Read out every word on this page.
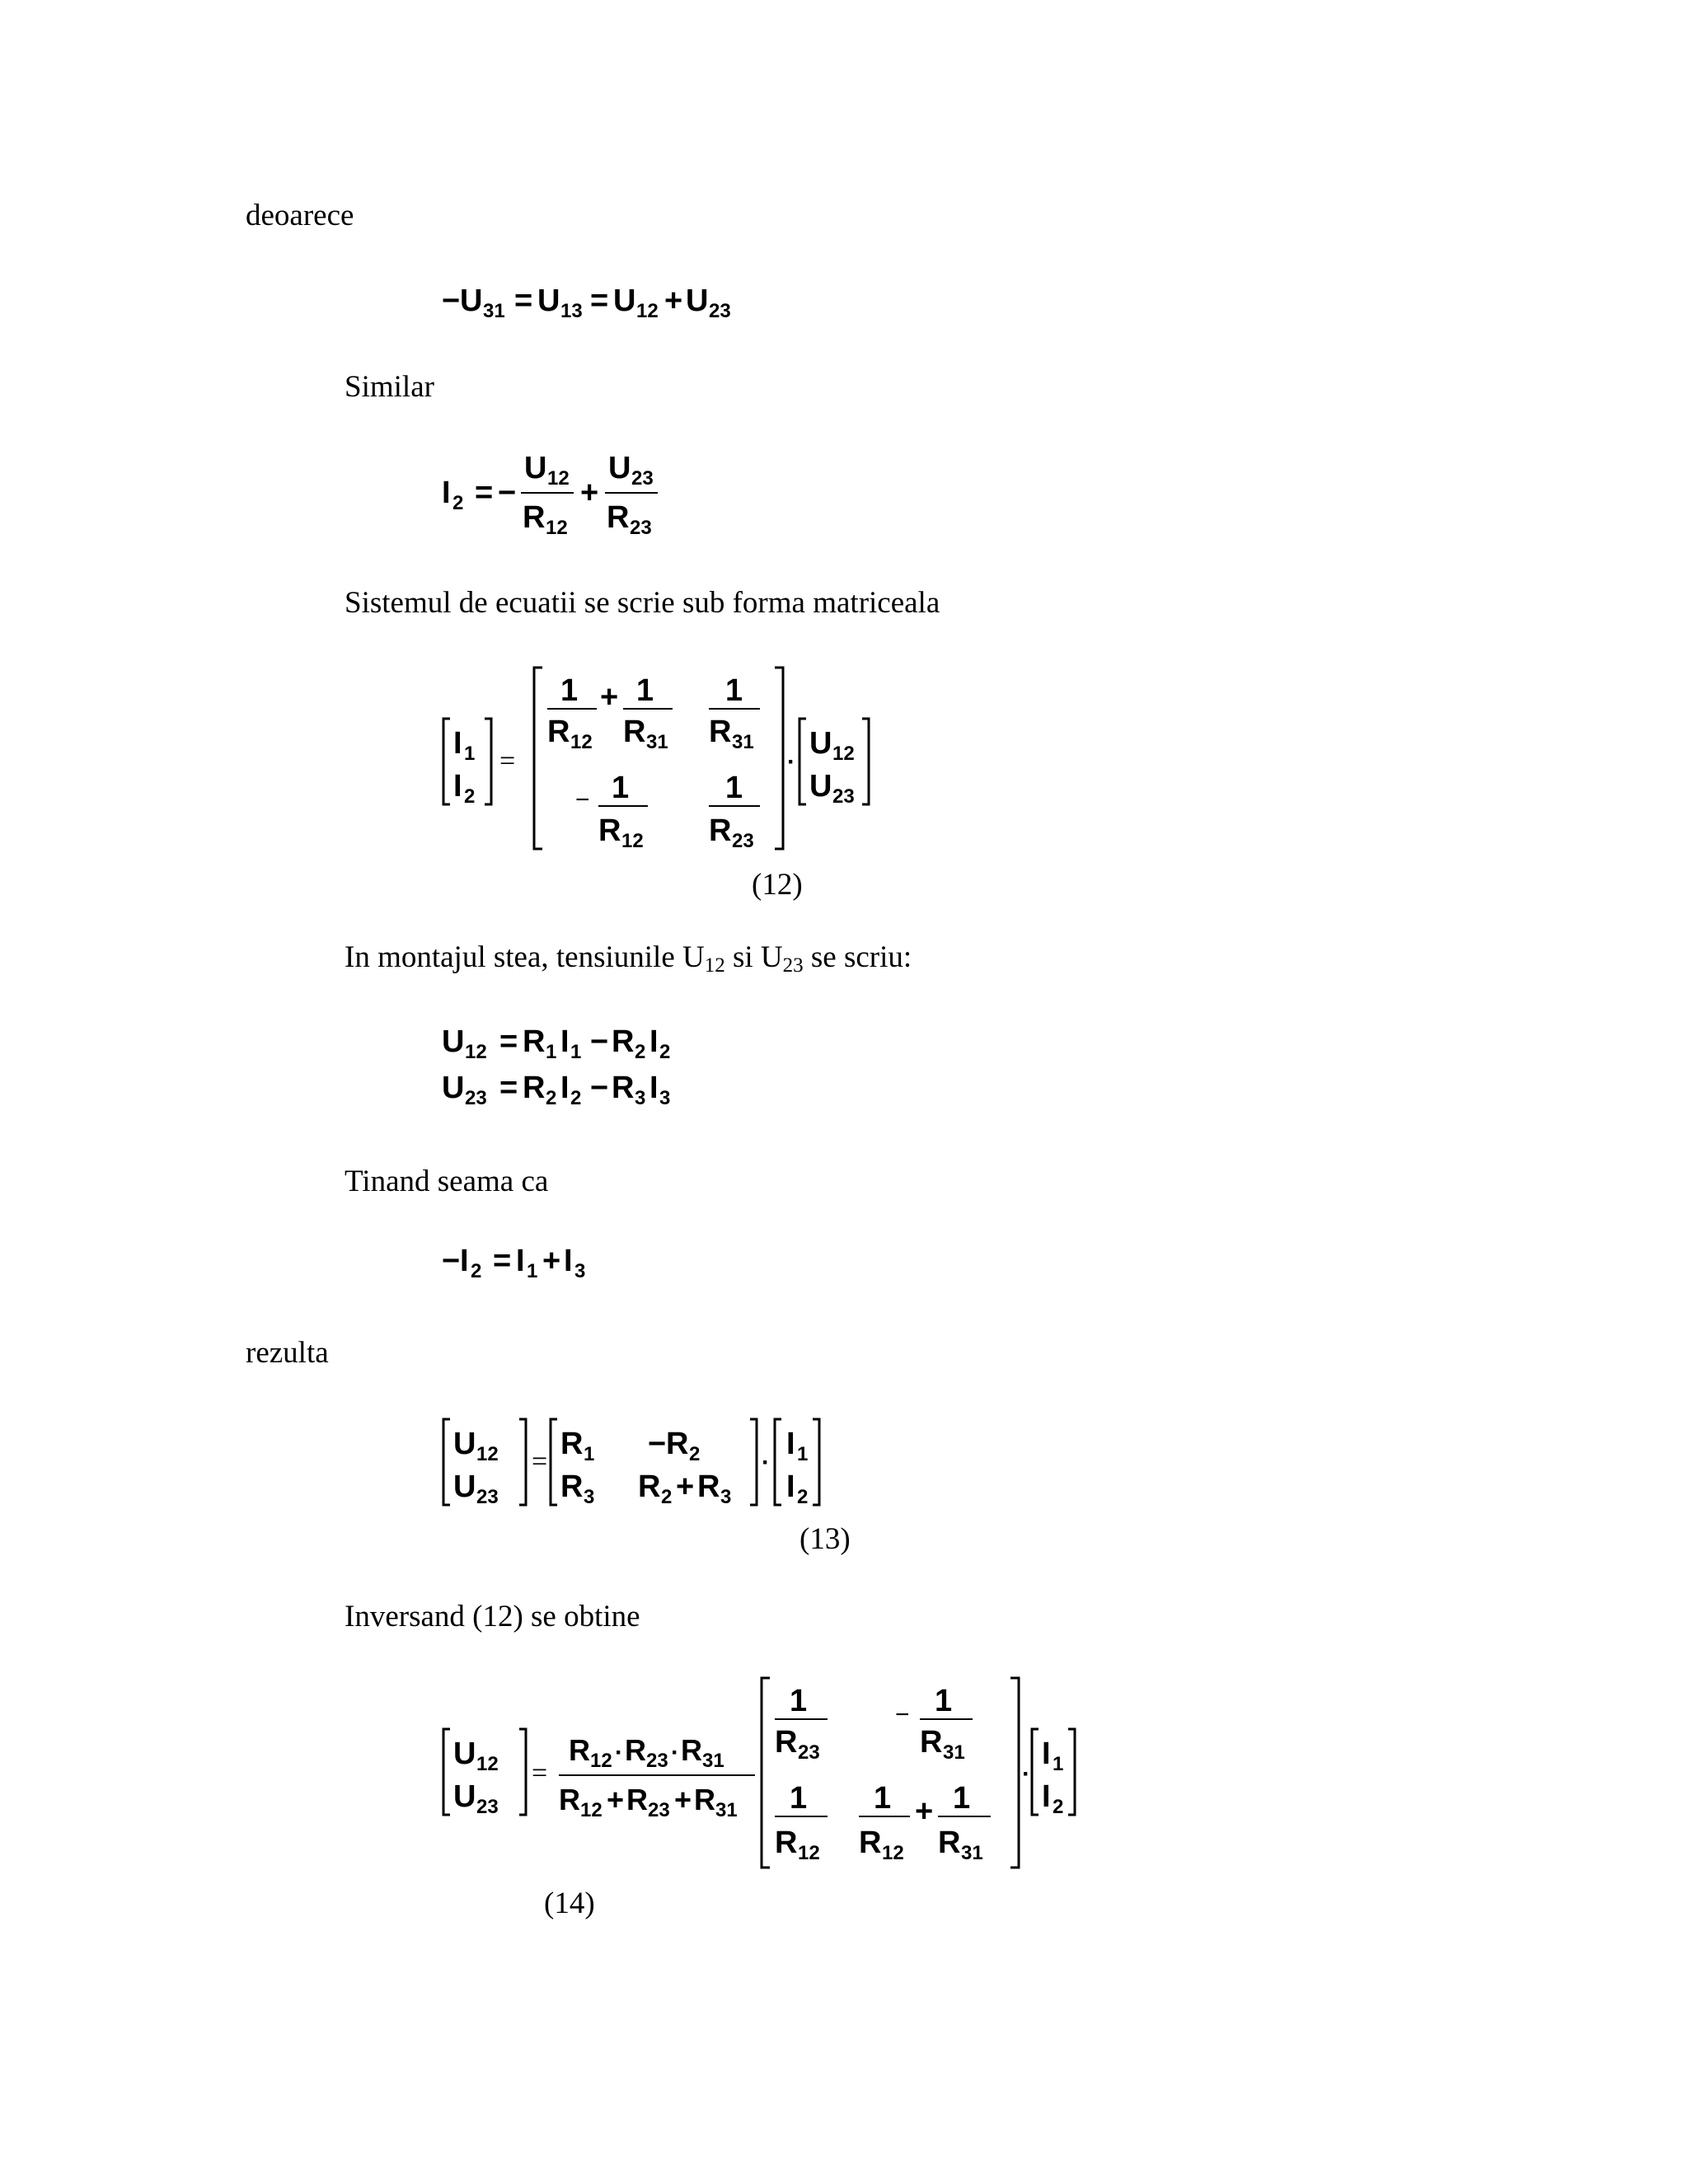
deoarece
− U 31 = U 13 = U 12 + U 23
Similar
I 2 = −
U 12
R 12
+
U 23
R 23
Sistemul de ecuatii se scrie sub forma matriceala
I 1
I 2
=
1
R 12
+ 1
R 31
1
R 31
− 1
R 12
1
R 23
·
U 12
U 23
(12)
In montajul stea, tensiunile $U_{12}$ si $U_{23}$ se scriu:
U 12 = R 1 I 1 − R 2 I 2
U 23 = R 2 I 2 − R 3 I 3
Tinand seama ca
− I 2 = I 1 + I 3
rezulta
U 12
U 23
=
R 1 − R 2
R 3 R 2 + R 3
·
I 1
I 2
(13)
Inversand (12) se obtine
U 12
U 23
=
R 12 · R 23 · R 31
R 12 + R 23 + R 31
1
R 23
− 1
R 31
1
R 12
1
R 12
+ 1
R 31
·
I 1
I 2
(14)
